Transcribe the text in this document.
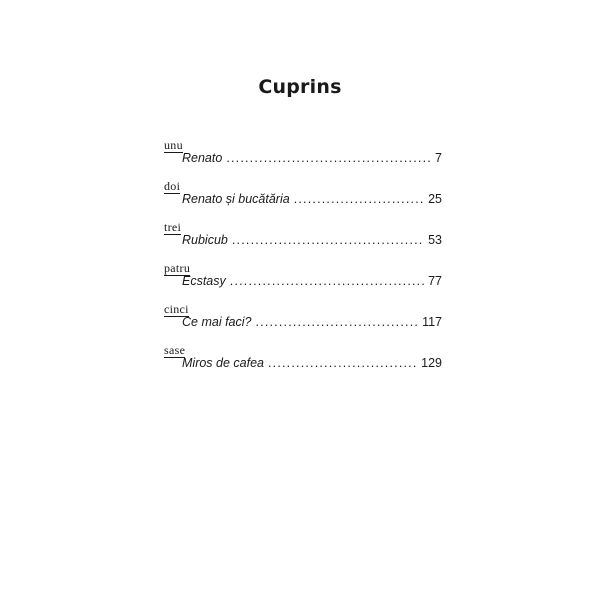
Cuprins
unu
Renato .....	7
doi
Renato și bucătăria .....	25
trei
Rubicub .....	53
patru
Ecstasy .....	77
cinci
Ce mai faci? .....	117
sase
Miros de cafea .....	129
